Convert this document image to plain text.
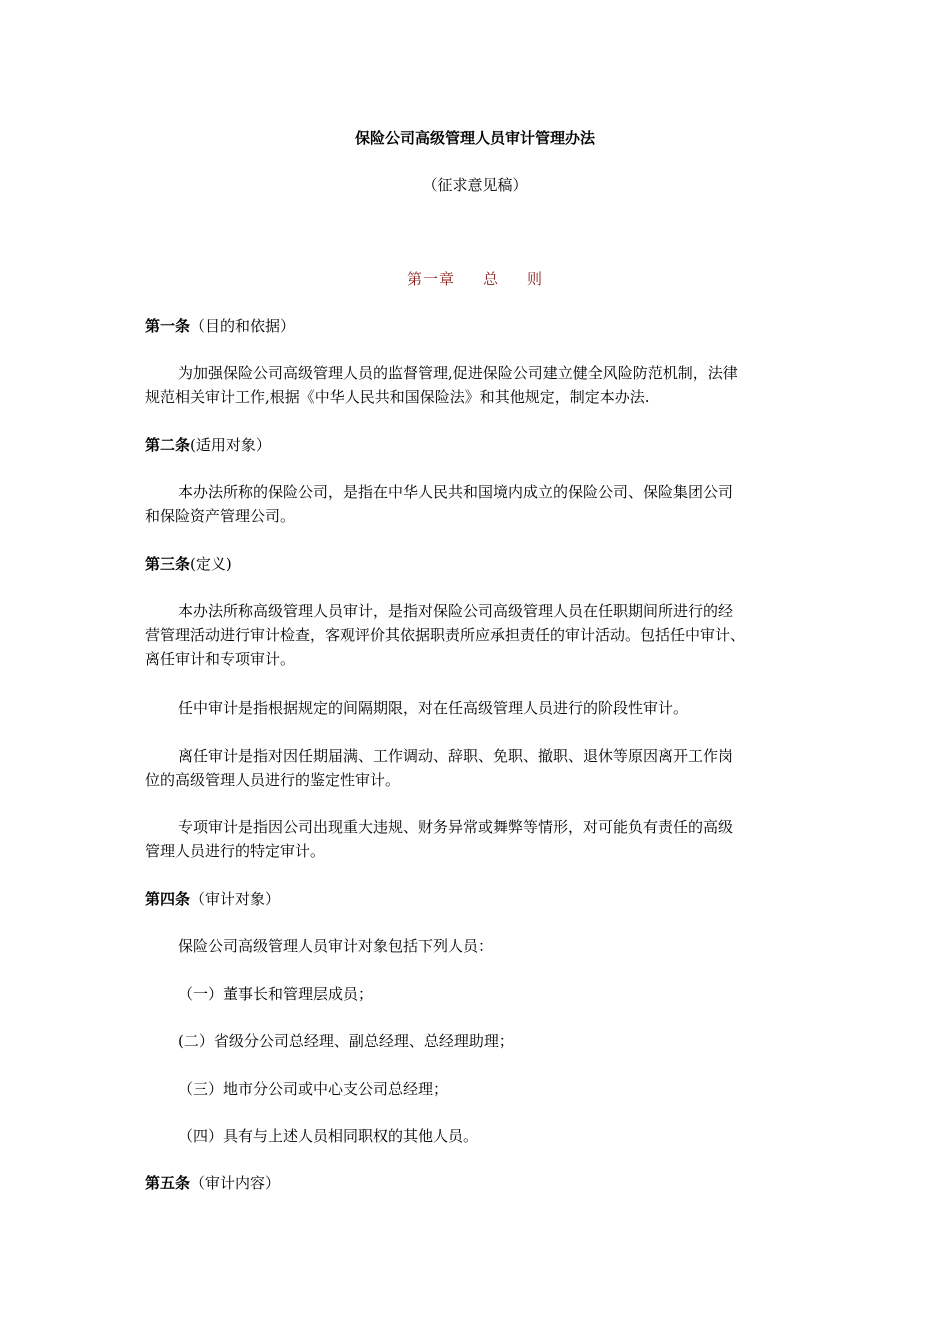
保险公司高级管理人员审计管理办法
（征求意见稿）
第一章 总 则
第一条（目的和依据）
为加强保险公司高级管理人员的监督管理,促进保险公司建立健全风险防范机制，法律
规范相关审计工作,根据《中华人民共和国保险法》和其他规定，制定本办法.
第二条(适用对象）
本办法所称的保险公司，是指在中华人民共和国境内成立的保险公司、保险集团公司
和保险资产管理公司。
第三条(定义)
本办法所称高级管理人员审计，是指对保险公司高级管理人员在任职期间所进行的经
营管理活动进行审计检查，客观评价其依据职责所应承担责任的审计活动。包括任中审计、
离任审计和专项审计。
任中审计是指根据规定的间隔期限，对在任高级管理人员进行的阶段性审计。
离任审计是指对因任期届满、工作调动、辞职、免职、撤职、退休等原因离开工作岗
位的高级管理人员进行的鉴定性审计。
专项审计是指因公司出现重大违规、财务异常或舞弊等情形，对可能负有责任的高级
管理人员进行的特定审计。
第四条（审计对象）
保险公司高级管理人员审计对象包括下列人员：
（一）董事长和管理层成员；
(二）省级分公司总经理、副总经理、总经理助理；
（三）地市分公司或中心支公司总经理；
（四）具有与上述人员相同职权的其他人员。
第五条（审计内容）
